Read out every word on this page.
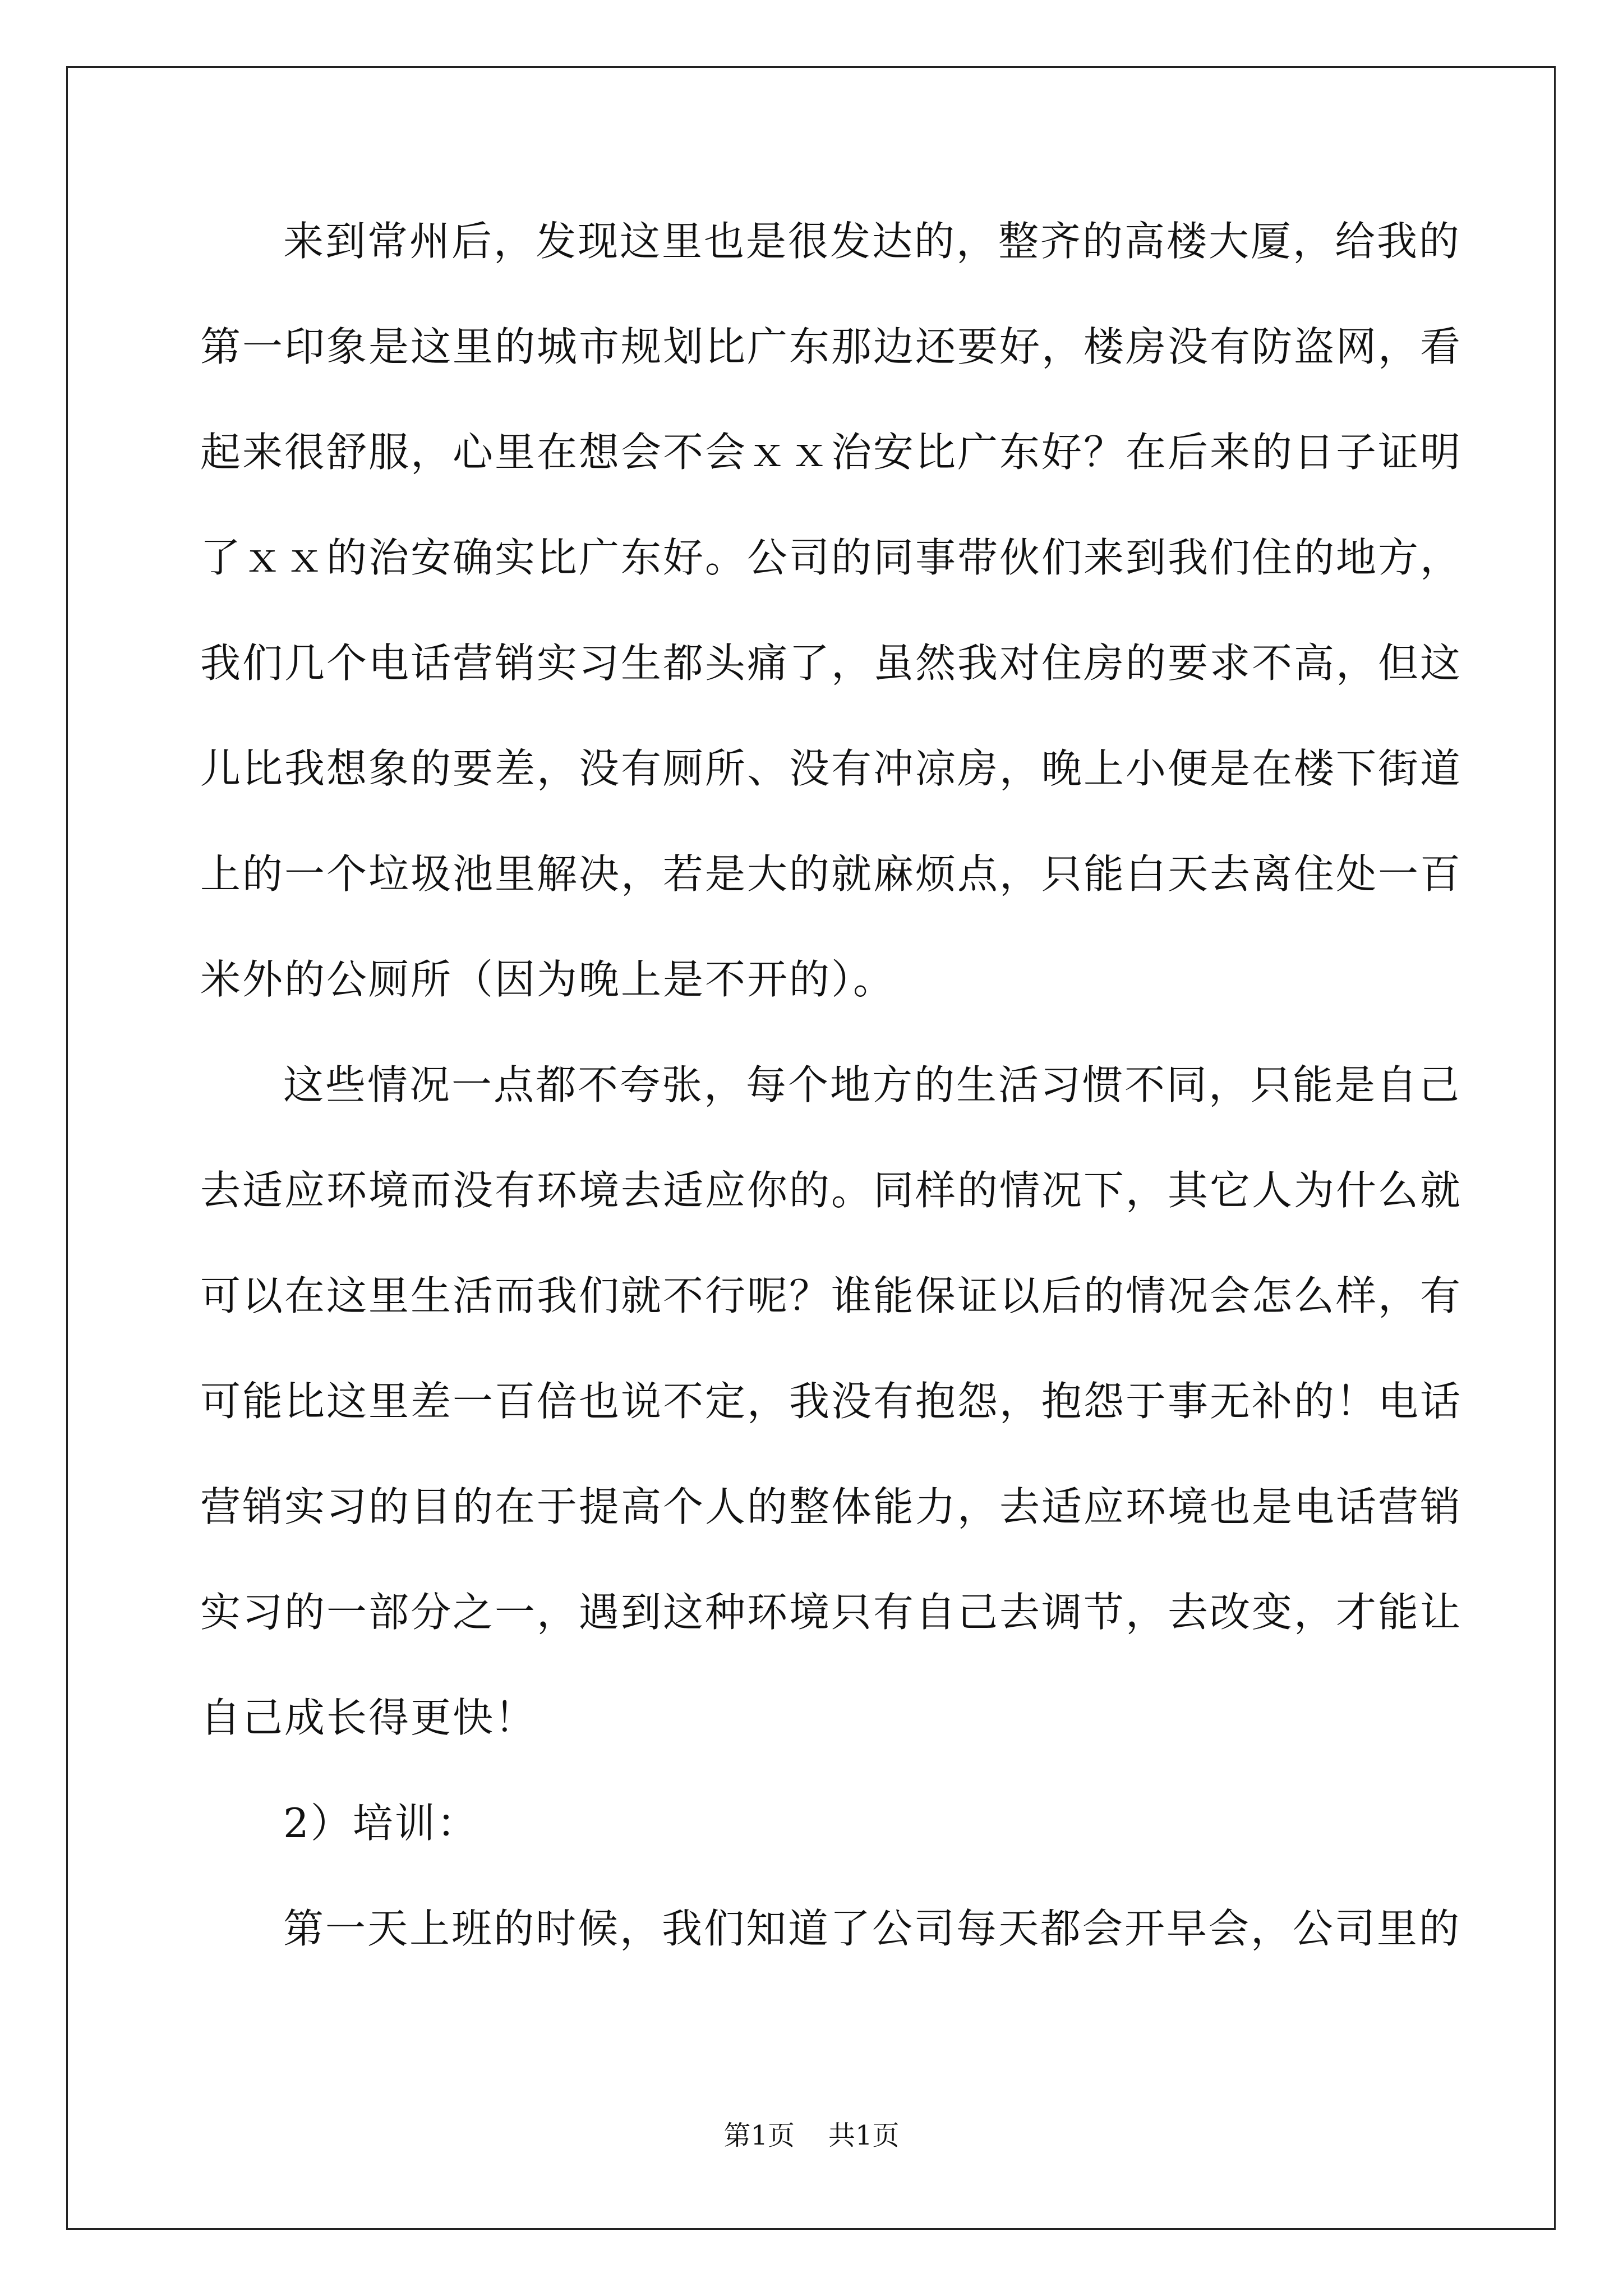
来到常州后，发现这里也是很发达的，整齐的高楼大厦，给我的
第一印象是这里的城市规划比广东那边还要好，楼房没有防盗网，看
起来很舒服，心里在想会不会ｘｘ治安比广东好？在后来的日子证明
了ｘｘ的治安确实比广东好。公司的同事带伙们来到我们住的地方，
我们几个电话营销实习生都头痛了，虽然我对住房的要求不高，但这
儿比我想象的要差，没有厕所、没有冲凉房，晚上小便是在楼下街道
上的一个垃圾池里解决，若是大的就麻烦点，只能白天去离住处一百
米外的公厕所（因为晚上是不开的）。
这些情况一点都不夸张，每个地方的生活习惯不同，只能是自己
去适应环境而没有环境去适应你的。同样的情况下，其它人为什么就
可以在这里生活而我们就不行呢？谁能保证以后的情况会怎么样，有
可能比这里差一百倍也说不定，我没有抱怨，抱怨于事无补的！电话
营销实习的目的在于提高个人的整体能力，去适应环境也是电话营销
实习的一部分之一，遇到这种环境只有自己去调节，去改变，才能让
自己成长得更快！
2）培训：
第一天上班的时候，我们知道了公司每天都会开早会，公司里的
第1页 共1页
